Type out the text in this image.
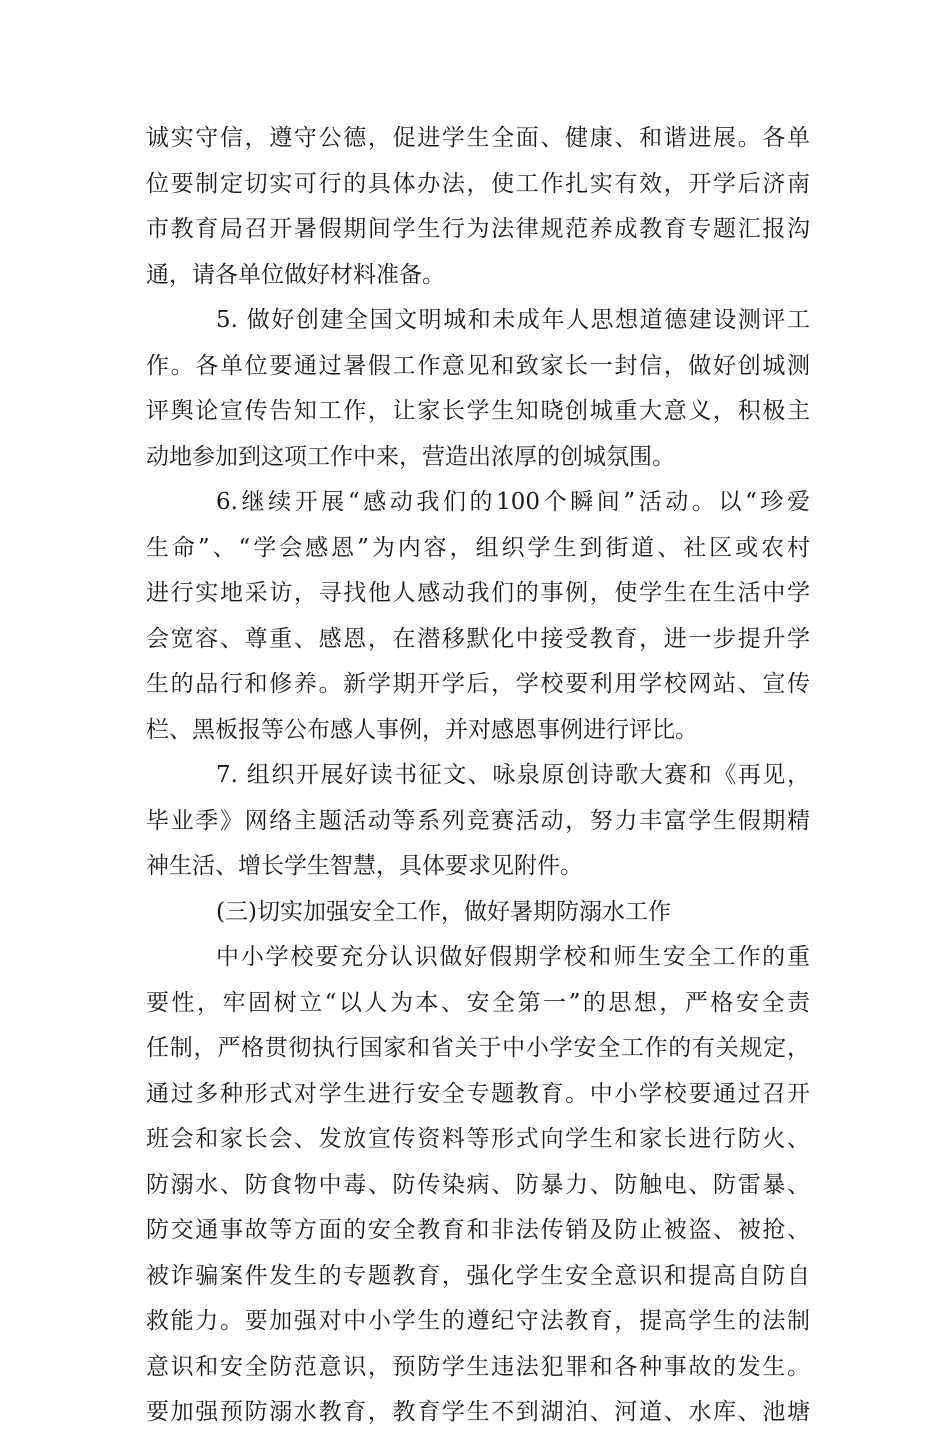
诚实守信，遵守公德，促进学生全面、健康、和谐进展。各单
位要制定切实可行的具体办法，使工作扎实有效，开学后济南
市教育局召开暑假期间学生行为法律规范养成教育专题汇报沟
通，请各单位做好材料准备。
5. 做好创建全国文明城和未成年人思想道德建设测评工
作。各单位要通过暑假工作意见和致家长一封信，做好创城测
评舆论宣传告知工作，让家长学生知晓创城重大意义，积极主
动地参加到这项工作中来，营造出浓厚的创城氛围。
6.继续开展“感动我们的100个瞬间”活动。以“珍爱
生命”、“学会感恩”为内容，组织学生到街道、社区或农村
进行实地采访，寻找他人感动我们的事例，使学生在生活中学
会宽容、尊重、感恩，在潜移默化中接受教育，进一步提升学
生的品行和修养。新学期开学后，学校要利用学校网站、宣传
栏、黑板报等公布感人事例，并对感恩事例进行评比。
7. 组织开展好读书征文、咏泉原创诗歌大赛和《再见，
毕业季》网络主题活动等系列竞赛活动，努力丰富学生假期精
神生活、增长学生智慧，具体要求见附件。
(三)切实加强安全工作，做好暑期防溺水工作
中小学校要充分认识做好假期学校和师生安全工作的重
要性，牢固树立“以人为本、安全第一”的思想，严格安全责
任制，严格贯彻执行国家和省关于中小学安全工作的有关规定，
通过多种形式对学生进行安全专题教育。中小学校要通过召开
班会和家长会、发放宣传资料等形式向学生和家长进行防火、
防溺水、防食物中毒、防传染病、防暴力、防触电、防雷暴、
防交通事故等方面的安全教育和非法传销及防止被盗、被抢、
被诈骗案件发生的专题教育，强化学生安全意识和提高自防自
救能力。要加强对中小学生的遵纪守法教育，提高学生的法制
意识和安全防范意识，预防学生违法犯罪和各种事故的发生。
要加强预防溺水教育，教育学生不到湖泊、河道、水库、池塘
